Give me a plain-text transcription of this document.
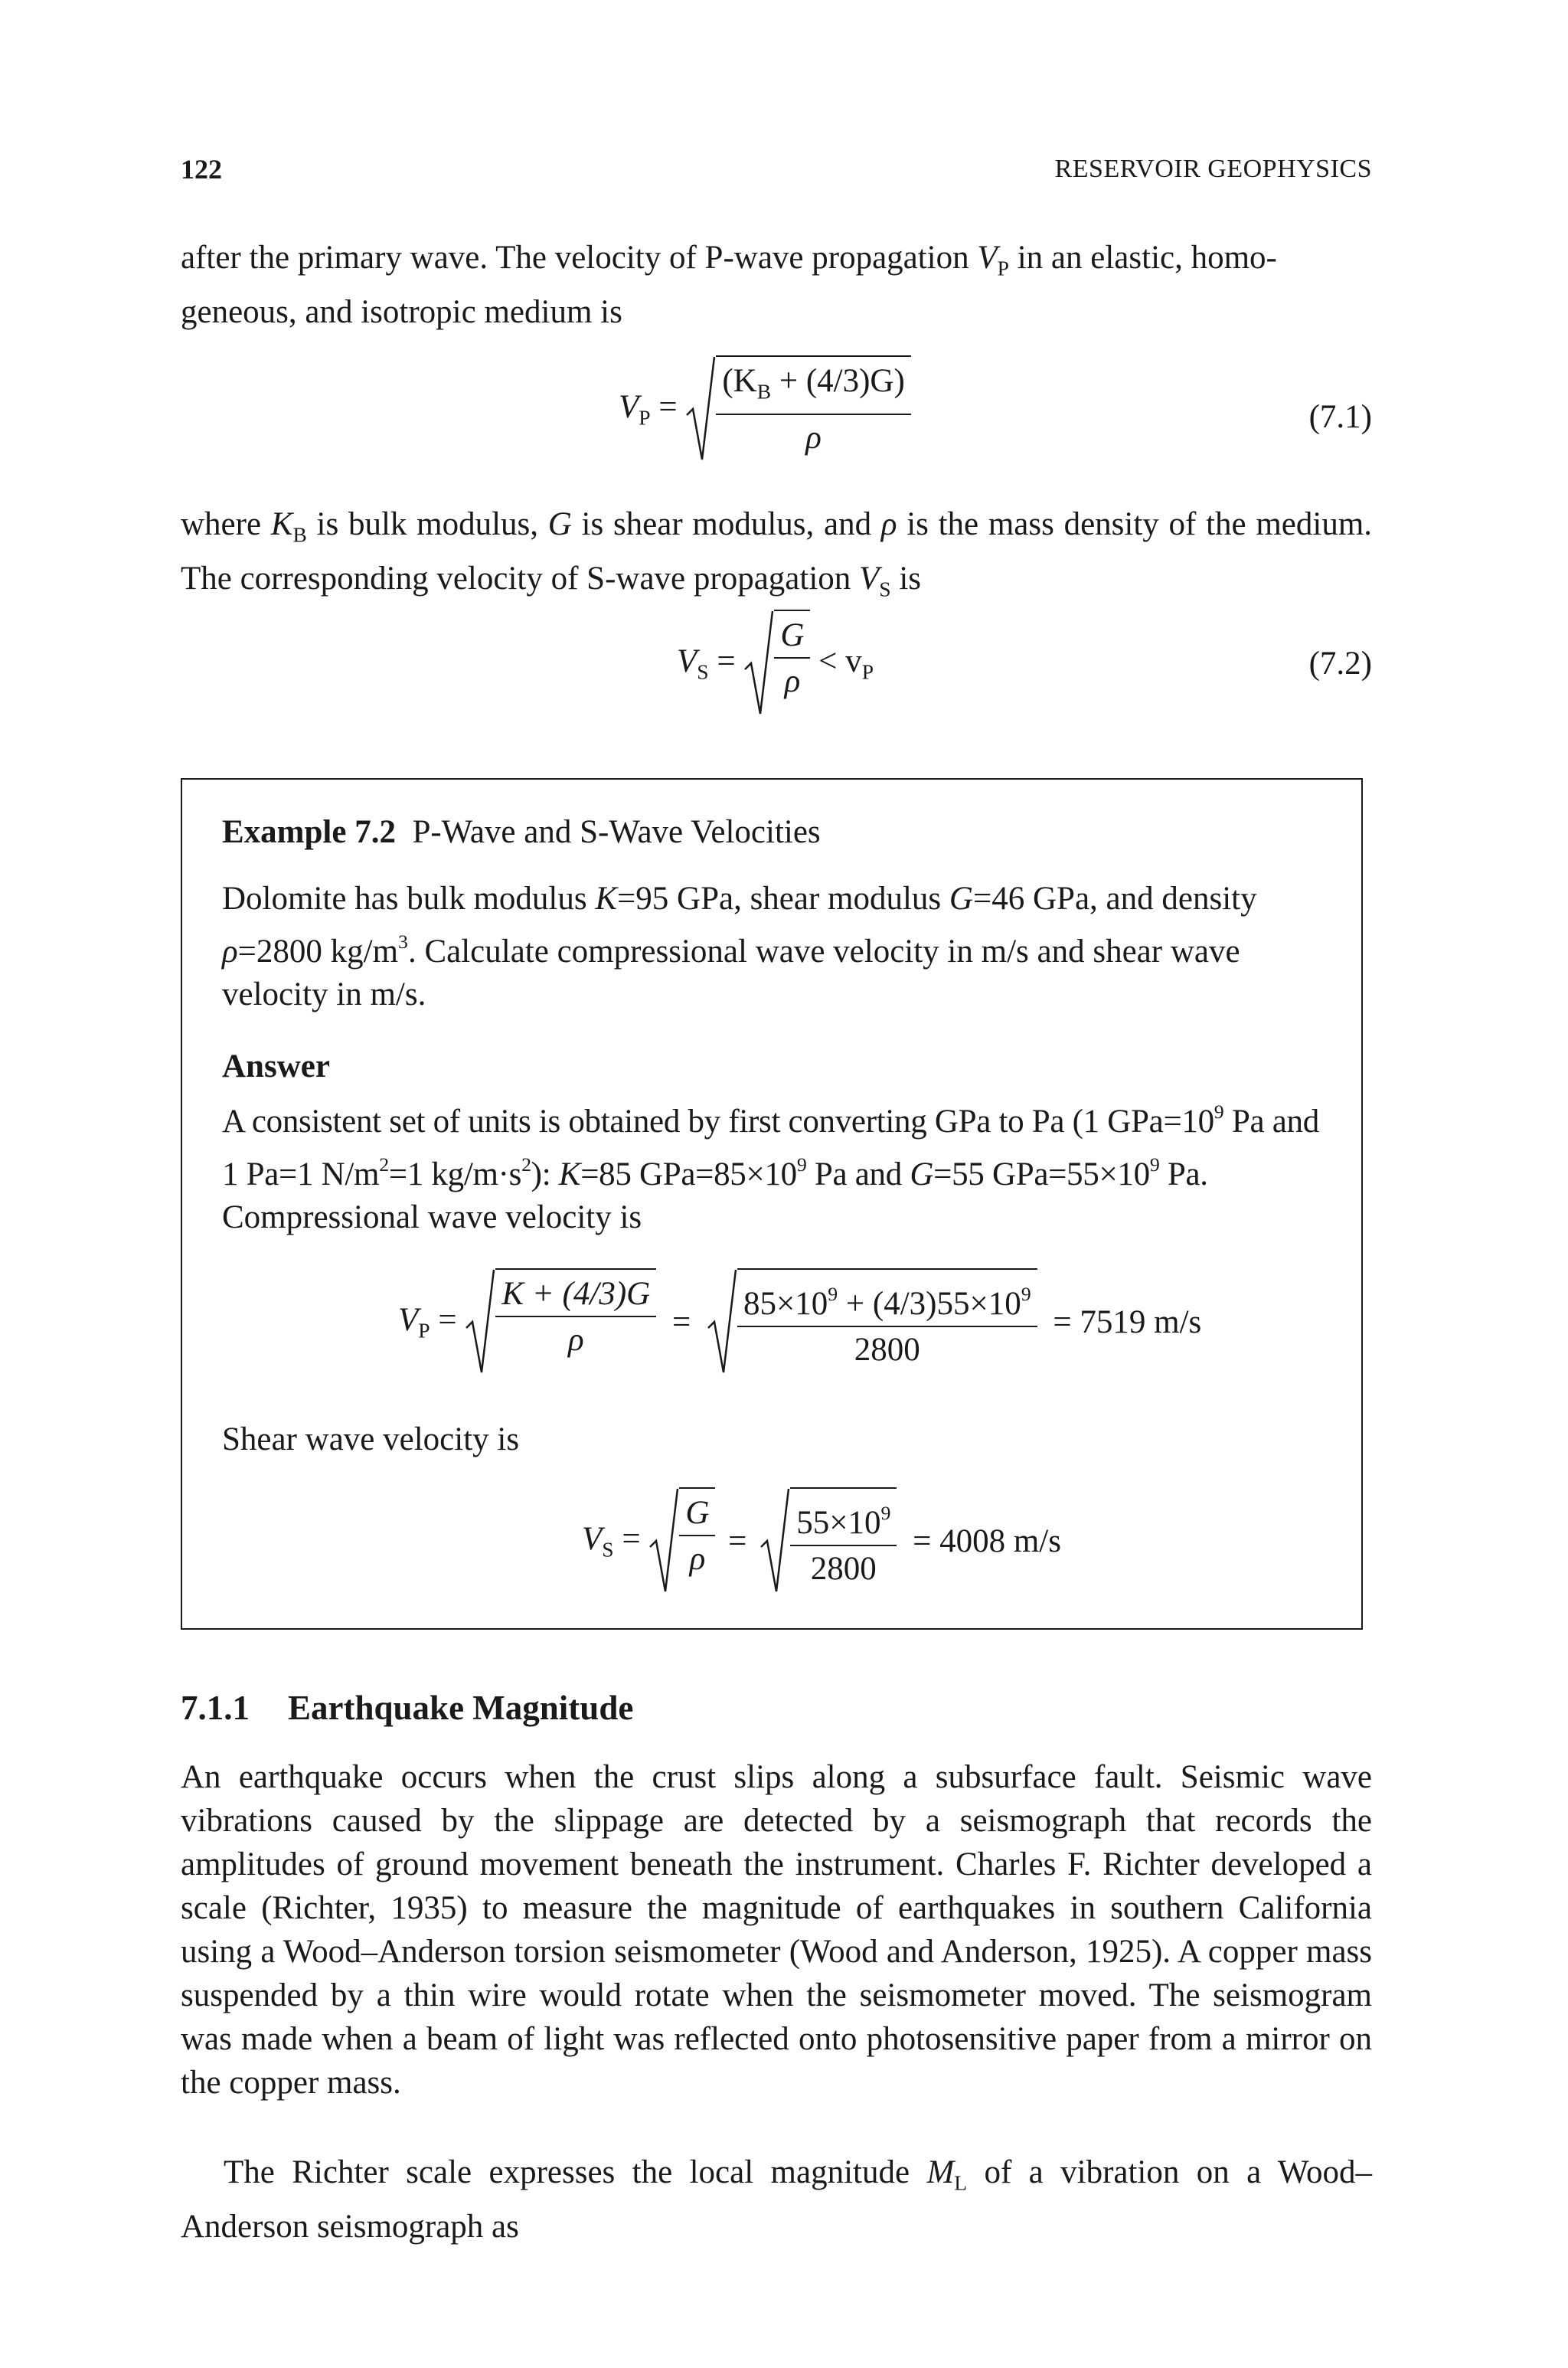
122	RESERVOIR GEOPHYSICS

after the primary wave. The velocity of P-wave propagation $V_P$ in an elastic, homo-
geneous, and isotropic medium is

$V_P = \frac{(K_B + (4/3)G)}{\rho}$	(7.1)

where $K_B$ is bulk modulus, G is shear modulus, and ρ is the mass density of the medium. The corresponding velocity of S-wave propagation $V_S$ is

$V_S = \frac{G}{\rho} < v_P$	(7.2)
Example 7.2 P-Wave and S-Wave Velocities

Dolomite has bulk modulus K=95 GPa, shear modulus G=46 GPa, and density ρ=2800 $kg/m^3$. Calculate compressional wave velocity in m/s and shear wave velocity in m/s.

Answer

A consistent set of units is obtained by first converting GPa to Pa (1 $GPa=10^9$ Pa and 1 Pa=1 $N/m^2=1$ $kg/m\cdot s^2$): K=85 $GPa=85\times 10^9$ Pa and G=55 $GPa=55\times 10^9$ Pa.

Compressional wave velocity is

$V_P = \frac{K + (4/3)G}{\rho} = \frac{85\times 10^9 + (4/3)55\times 10^9}{2800} = 7519$ m/s

Shear wave velocity is

$V_S = \frac{G}{\rho} = \frac{55\times 10^9}{2800} = 4008$ m/s
7.1.1 Earthquake Magnitude

An earthquake occurs when the crust slips along a subsurface fault. Seismic wave vibrations caused by the slippage are detected by a seismograph that records the amplitudes of ground movement beneath the instrument. Charles F. Richter developed a scale (Richter, 1935) to measure the magnitude of earthquakes in southern California using a Wood–Anderson torsion seismometer (Wood and Anderson, 1925). A copper mass suspended by a thin wire would rotate when the seismometer moved. The seismogram was made when a beam of light was reflected onto photosensitive paper from a mirror on the copper mass.

The Richter scale expresses the local magnitude $M_L$ of a vibration on a Wood–Anderson seismograph as
